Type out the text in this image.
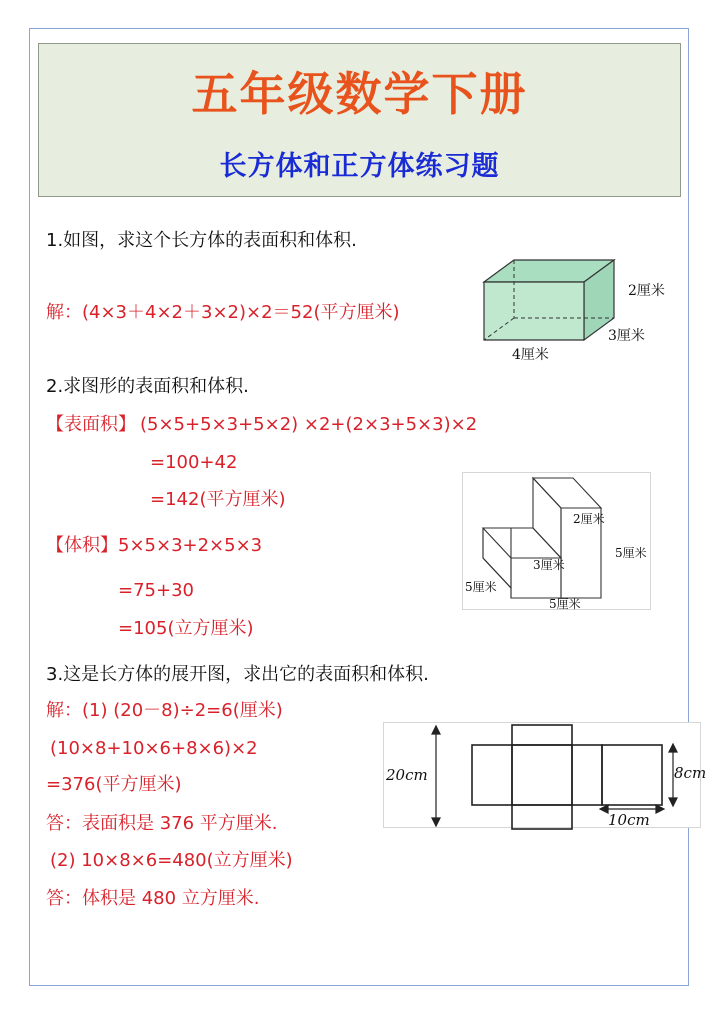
五年级数学下册
长方体和正方体练习题
1.如图，求这个长方体的表面积和体积.
解：(4×3＋4×2＋3×2)×2＝52(平方厘米)
2厘米
3厘米
4厘米
2.求图形的表面积和体积.
【表面积】 (5×5+5×3+5×2) ×2+(2×3+5×3)×2
=100+42
=142(平方厘米)
【体积】5×5×3+2×5×3
=75+30
=105(立方厘米)
2厘米
3厘米
5厘米
5厘米
5厘米
3.这是长方体的展开图，求出它的表面积和体积.
解：(1) (20－8)÷2=6(厘米)
(10×8+10×6+8×6)×2
=376(平方厘米)
答：表面积是 376 平方厘米.
(2) 10×8×6=480(立方厘米)
答：体积是 480 立方厘米.
20cm	8cm
10cm
